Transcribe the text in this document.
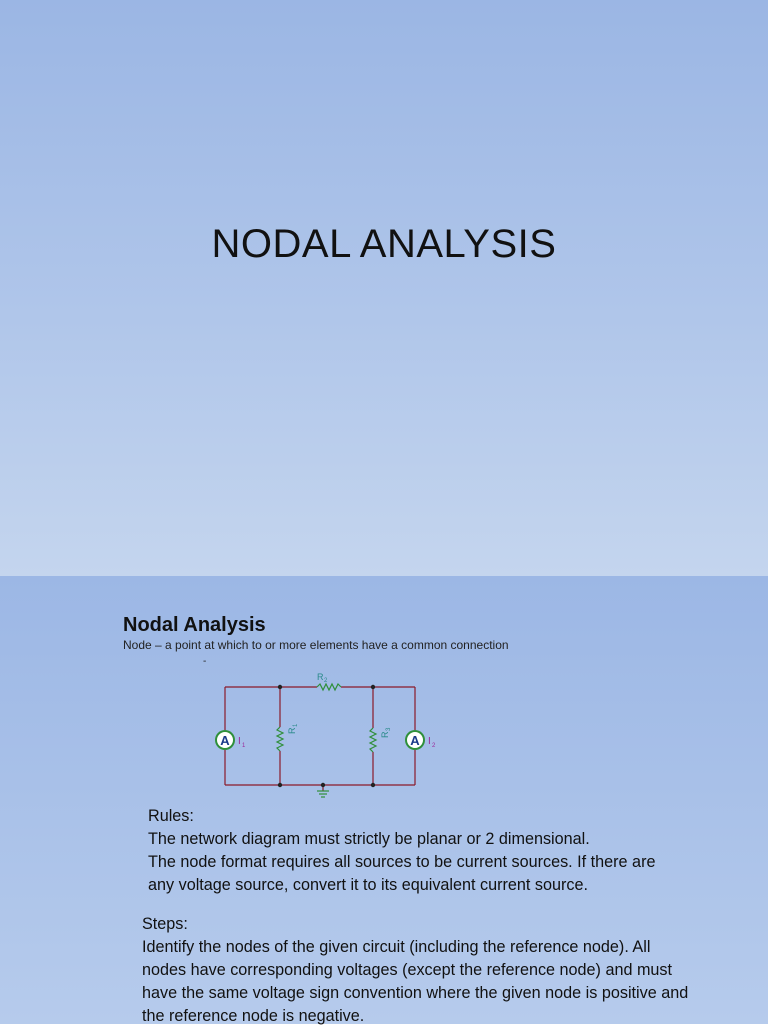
NODAL ANALYSIS
Nodal Analysis
Node – a point at which to or more elements have a common connection
-
A	A
R 2
R
1
R
3
I 1	I 2
Rules:
The network diagram must strictly be planar or 2 dimensional.
The node format requires all sources to be current sources. If there are
any voltage source, convert it to its equivalent current source.
Steps:
Identify the nodes of the given circuit (including the reference node). All
nodes have corresponding voltages (except the reference node) and must
have the same voltage sign convention where the given node is positive and
the reference node is negative.
